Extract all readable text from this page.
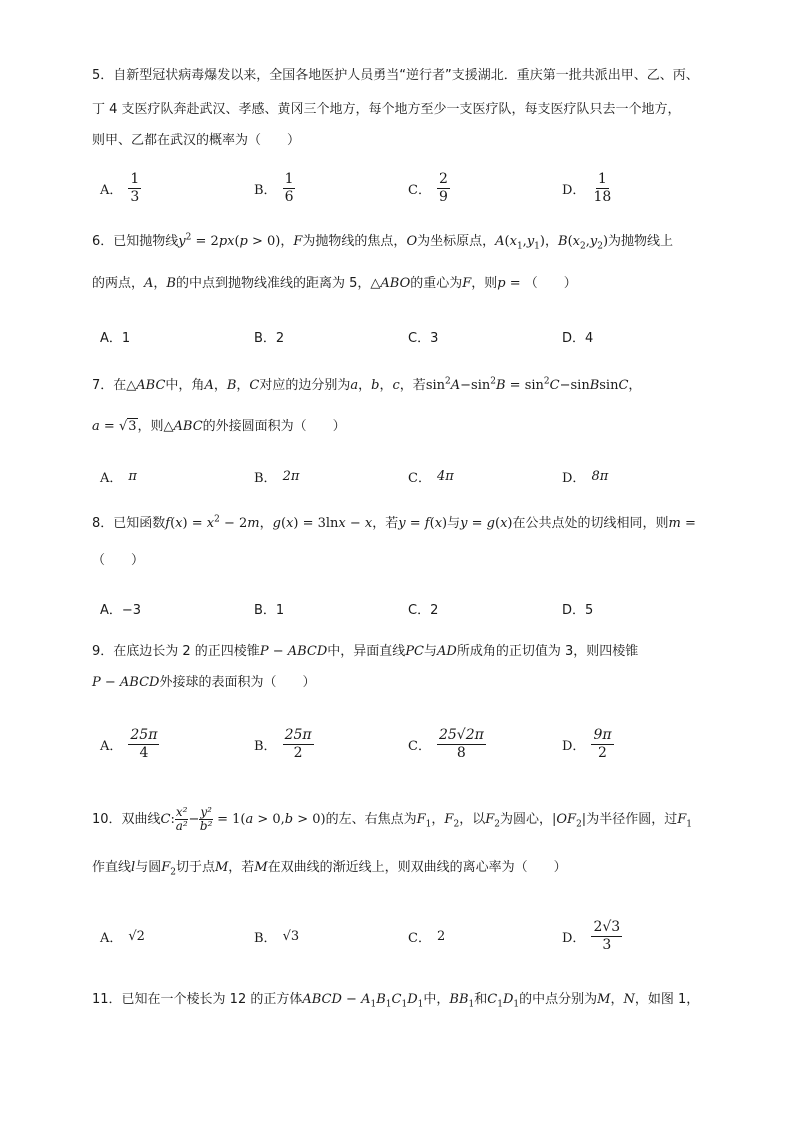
5．自新型冠状病毒爆发以来，全国各地医护人员勇当“逆行者”支援湖北．重庆第一批共派出甲、乙、丙、
丁 4 支医疗队奔赴武汉、孝感、黄冈三个地方，每个地方至少一支医疗队，每支医疗队只去一个地方，
则甲、乙都在武汉的概率为（　　）
A． $\frac{1}{3}$	B． $\frac{1}{6}$	C． $\frac{2}{9}$	D． $\frac{1}{18}$
6．已知抛物线$y^2 = 2px(p > 0)$，F为抛物线的焦点，O为坐标原点，$A(x_1,y_1)$，$B(x_2,y_2)$为抛物线上
的两点，A，B的中点到抛物线准线的距离为 5，△ABO的重心为F，则p = （　　）
A．1	B．2	C．3	D．4
7．在△ABC中，角A，B，C对应的边分别为a，b，c，若$\sin^2A-\sin^2B$ = $\sin^2C-sinBsinC$，
a = √3，则△ABC的外接圆面积为（　　）
A． π	B． 2π	C． 4π	D． 8π
8．已知函数$f(x) = x^2 - 2m$，g(x) = 3lnx − x，若y = f(x)与y = g(x)在公共点处的切线相同，则m =
（　　）
A．−3	B．1	C．2	D．5
9．在底边长为 2 的正四棱锥P − ABCD中，异面直线PC与AD所成角的正切值为 3，则四棱锥
P − ABCD外接球的表面积为（　　）
A． $\frac{25\pi}{4}$	B． $\frac{25\pi}{2}$	C． $\frac{25√2\pi}{8}$	D． $\frac{9\pi}{2}$
10．双曲线C: $\frac{\text{x²}}{\text{a²}} - \frac{\text{y²}}{\text{b²}} = 1(a > 0,b > 0)$的左、右焦点为$F_1$，$F_2$，以$F_2$为圆心，$|OF_2|$为半径作圆，过$F_1$
作直线l与圆$F_2$切于点M，若M在双曲线的渐近线上，则双曲线的离心率为（　　）
A． √2	B． √3	C． 2	D． $\frac{2√3}{3}$
11．已知在一个棱长为 12 的正方体ABCD − $A_1B_1C_1D_1$中，$BB_1$和$C_1D_1$的中点分别为M，N，如图 1，
